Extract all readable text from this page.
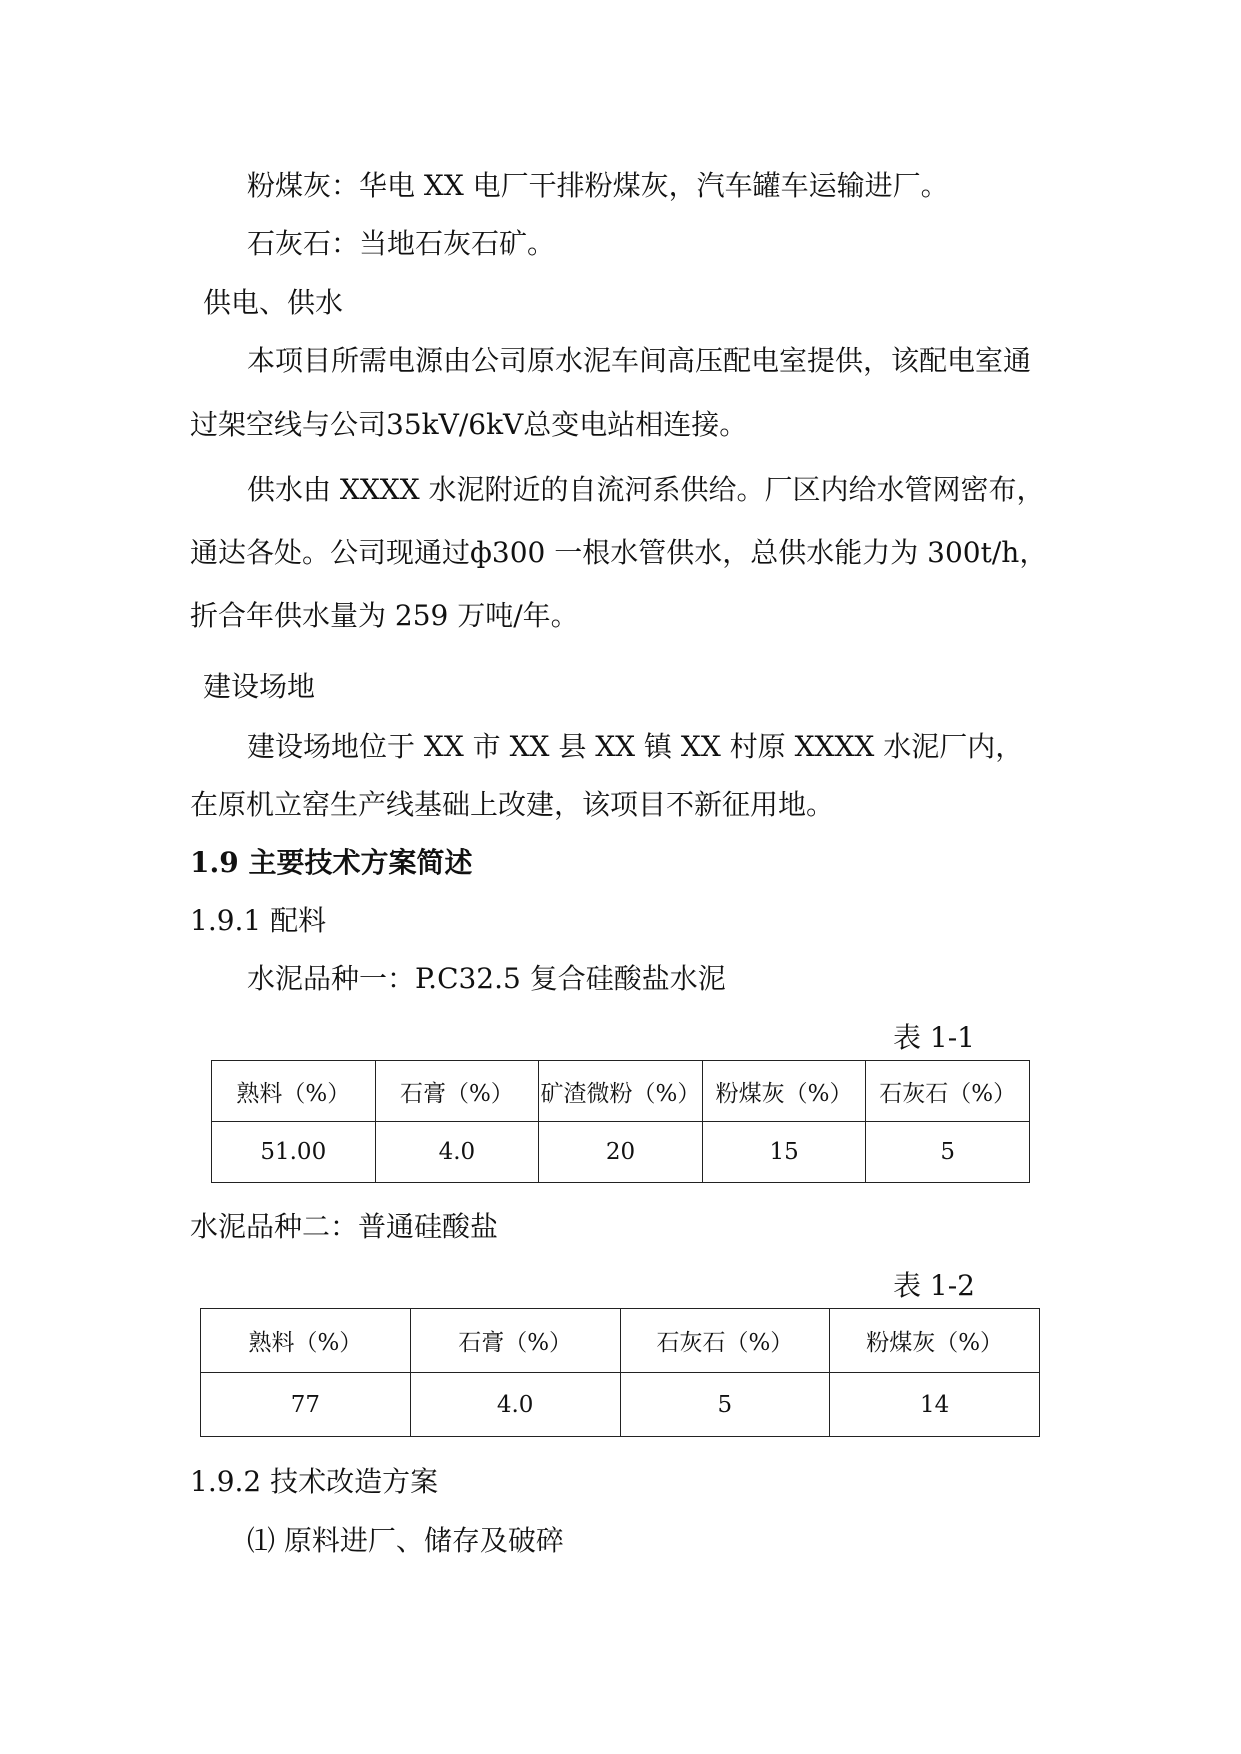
粉煤灰：华电 XX 电厂干排粉煤灰，汽车罐车运输进厂。
石灰石：当地石灰石矿。
供电、供水
本项目所需电源由公司原水泥车间高压配电室提供，该配电室通
过架空线与公司35kV/6kV总变电站相连接。
供水由 XXXX 水泥附近的自流河系供给。厂区内给水管网密布，
通达各处。公司现通过ф300 一根水管供水，总供水能力为 300t/h，
折合年供水量为 259 万吨/年。
建设场地
建设场地位于 XX 市 XX 县 XX 镇 XX 村原 XXXX 水泥厂内，
在原机立窑生产线基础上改建，该项目不新征用地。
1.9 主要技术方案简述
1.9.1 配料
水泥品种一：P.C32.5 复合硅酸盐水泥
表 1-1
熟料（%）	石膏（%）	矿渣微粉（%）	粉煤灰（%）	石灰石（%）
51.00	4.0	20	15	5
水泥品种二：普通硅酸盐
表 1-2
熟料（%）	石膏（%）	石灰石（%）	粉煤灰（%）
77	4.0	5	14
1.9.2 技术改造方案
⑴ 原料进厂、储存及破碎
